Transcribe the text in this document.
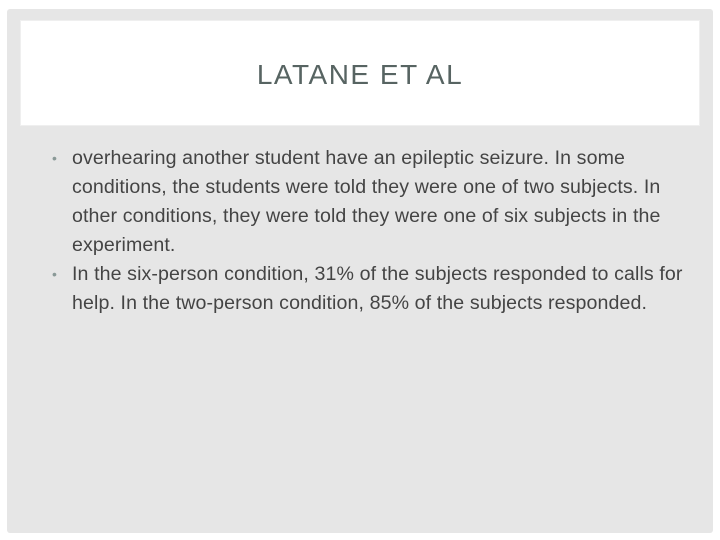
LATANE ET AL
• overhearing another student have an epileptic seizure. In some conditions, the students were told they were one of two subjects. In other conditions, they were told they were one of six subjects in the experiment.
• In the six-person condition, 31% of the subjects responded to calls for help. In the two-person condition, 85% of the subjects responded.
